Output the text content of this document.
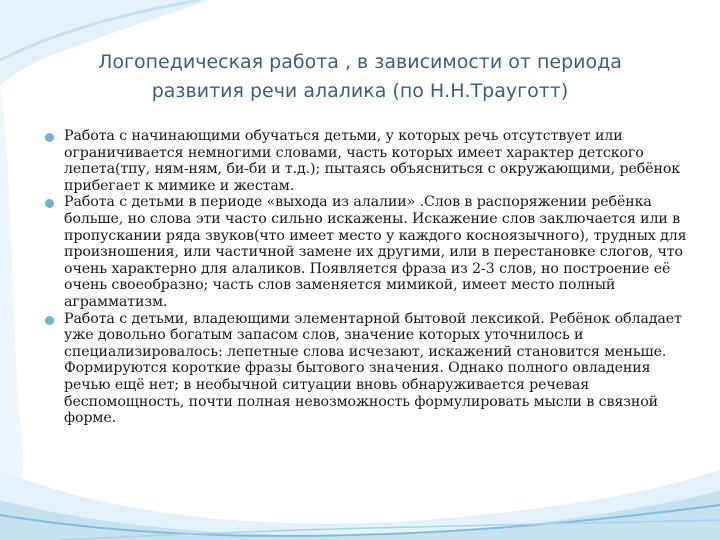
Логопедическая работа , в зависимости от периода
развития речи алалика (по Н.Н.Трауготт)
Работа с начинающими обучаться детьми, у которых речь отсутствует или ограничивается немногими словами, часть которых имеет характер детского лепета(тпу, ням-ням, би-би и т.д.); пытаясь объясниться с окружающими, ребёнок прибегает к мимике и жестам.
Работа с детьми в периоде «выхода из алалии» .Слов в распоряжении ребёнка больше, но слова эти часто сильно искажены. Искажение слов заключается или в пропускании ряда звуков(что имеет место у каждого косноязычного), трудных для произношения, или частичной замене их другими, или в перестановке слогов, что очень характерно для алаликов. Появляется фраза из 2-3 слов, но построение её очень своеобразно; часть слов заменяется мимикой, имеет место полный аграмматизм.
Работа с детьми, владеющими элементарной бытовой лексикой. Ребёнок обладает уже довольно богатым запасом слов, значение которых уточнилось и специализировалось: лепетные слова исчезают, искажений становится меньше. Формируются короткие фразы бытового значения. Однако полного овладения речью ещё нет; в необычной ситуации вновь обнаруживается речевая беспомощность, почти полная невозможность формулировать мысли в связной форме.
